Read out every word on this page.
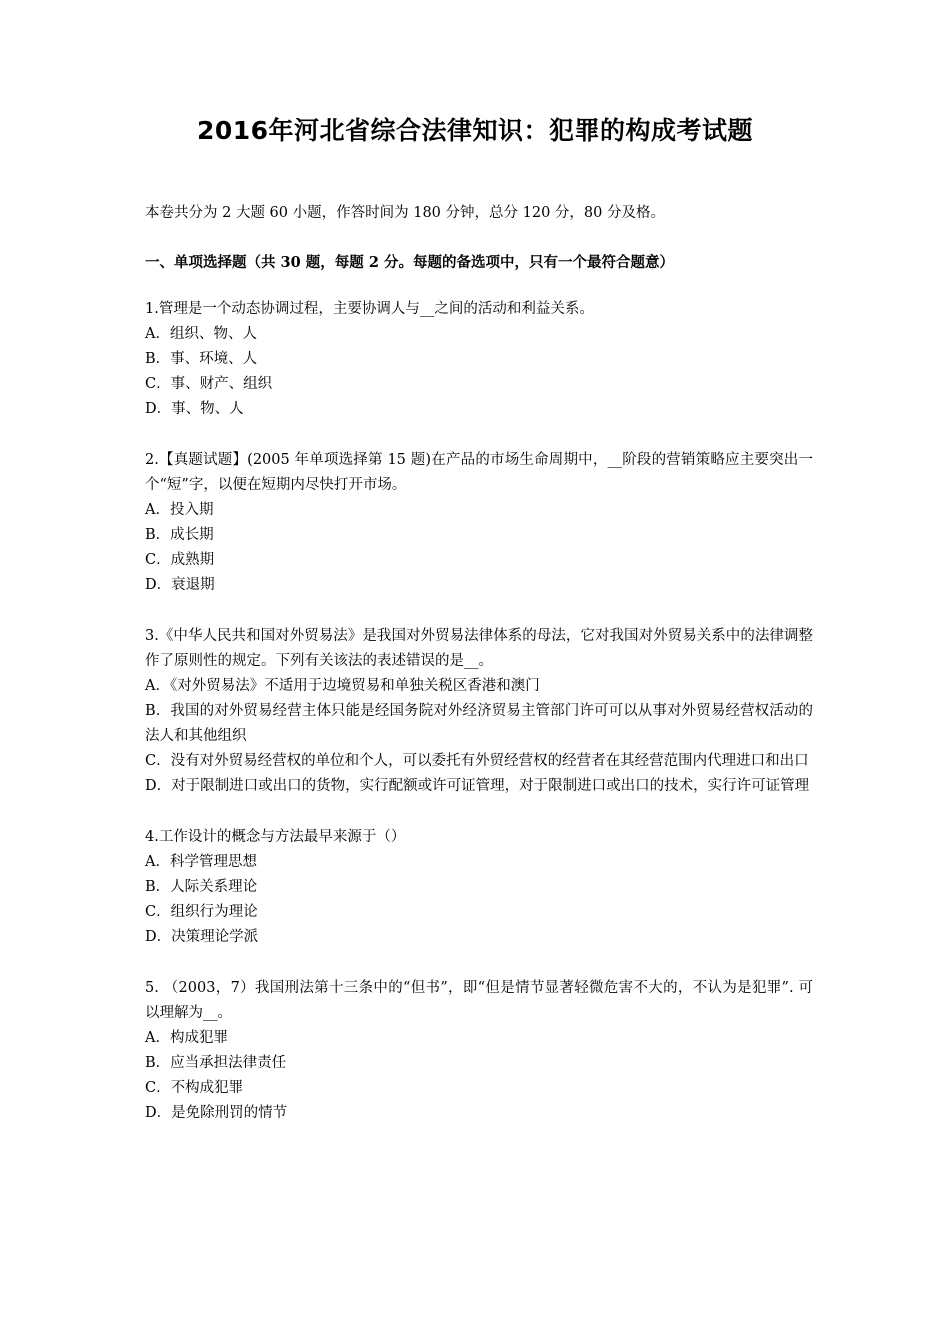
2016年河北省综合法律知识：犯罪的构成考试题
本卷共分为 2 大题 60 小题，作答时间为 180 分钟，总分 120 分，80 分及格。
一、单项选择题（共 30 题，每题 2 分。每题的备选项中，只有一个最符合题意）

1.管理是一个动态协调过程，主要协调人与__之间的活动和利益关系。

A．组织、物、人

B．事、环境、人

C．事、财产、组织

D．事、物、人

2.【真题试题】(2005 年单项选择第 15 题)在产品的市场生命周期中，__阶段的营销策略应主要突出一个“短”字，以便在短期内尽快打开市场。

A．投入期

B．成长期

C．成熟期

D．衰退期

3.《中华人民共和国对外贸易法》是我国对外贸易法律体系的母法，它对我国对外贸易关系中的法律调整作了原则性的规定。下列有关该法的表述错误的是__。

A．《对外贸易法》不适用于边境贸易和单独关税区香港和澳门

B．我国的对外贸易经营主体只能是经国务院对外经济贸易主管部门许可可以从事对外贸易经营权活动的法人和其他组织

C．没有对外贸易经营权的单位和个人，可以委托有外贸经营权的经营者在其经营范围内代理进口和出口

D．对于限制进口或出口的货物，实行配额或许可证管理，对于限制进口或出口的技术，实行许可证管理

4.工作设计的概念与方法最早来源于（）

A．科学管理思想

B．人际关系理论

C．组织行为理论

D．决策理论学派

5. （2003，7）我国刑法第十三条中的“但书”，即“但是情节显著轻微危害不大的，不认为是犯罪”. 可以理解为__。

A．构成犯罪

B．应当承担法律责任

C．不构成犯罪

D．是免除刑罚的情节
